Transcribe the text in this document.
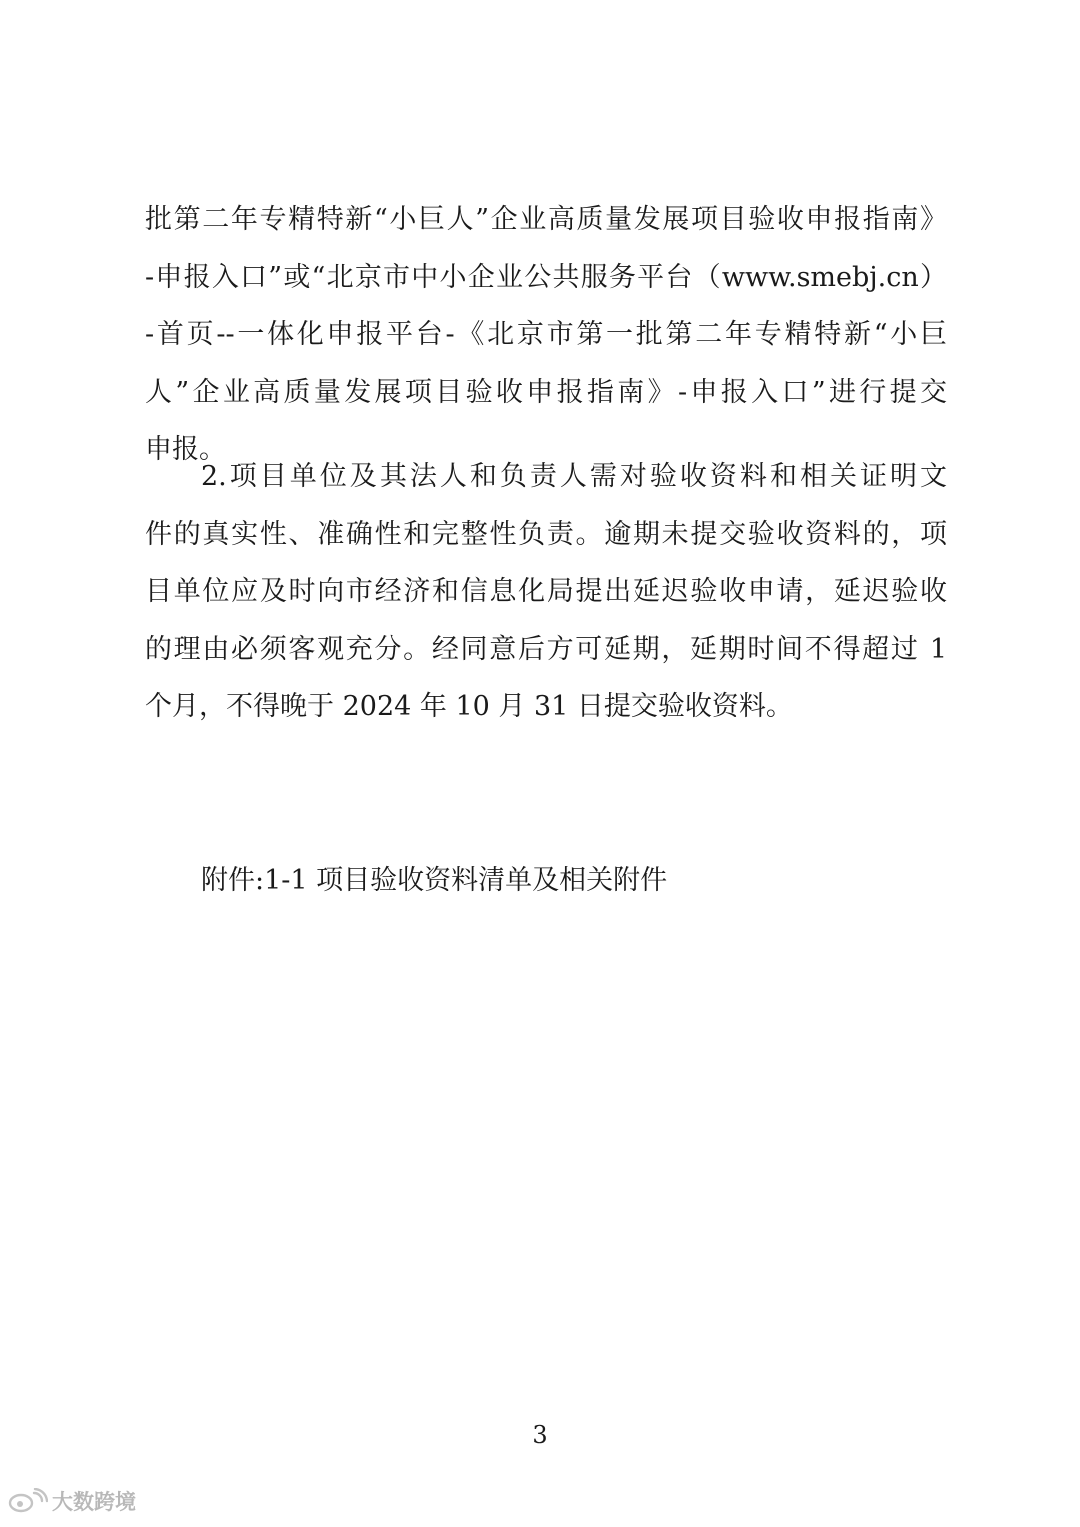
批第二年专精特新“小巨人”企业高质量发展项目验收申报指南》
-申报入口”或“北京市中小企业公共服务平台（www.smebj.cn）
-首页--一体化申报平台-《北京市第一批第二年专精特新“小巨
人”企业高质量发展项目验收申报指南》-申报入口”进行提交
申报。
2.项目单位及其法人和负责人需对验收资料和相关证明文
件的真实性、准确性和完整性负责。逾期未提交验收资料的，项
目单位应及时向市经济和信息化局提出延迟验收申请，延迟验收
的理由必须客观充分。经同意后方可延期，延期时间不得超过 1
个月，不得晚于 2024 年 10 月 31 日提交验收资料。
附件:1-1 项目验收资料清单及相关附件
3
大数跨境
